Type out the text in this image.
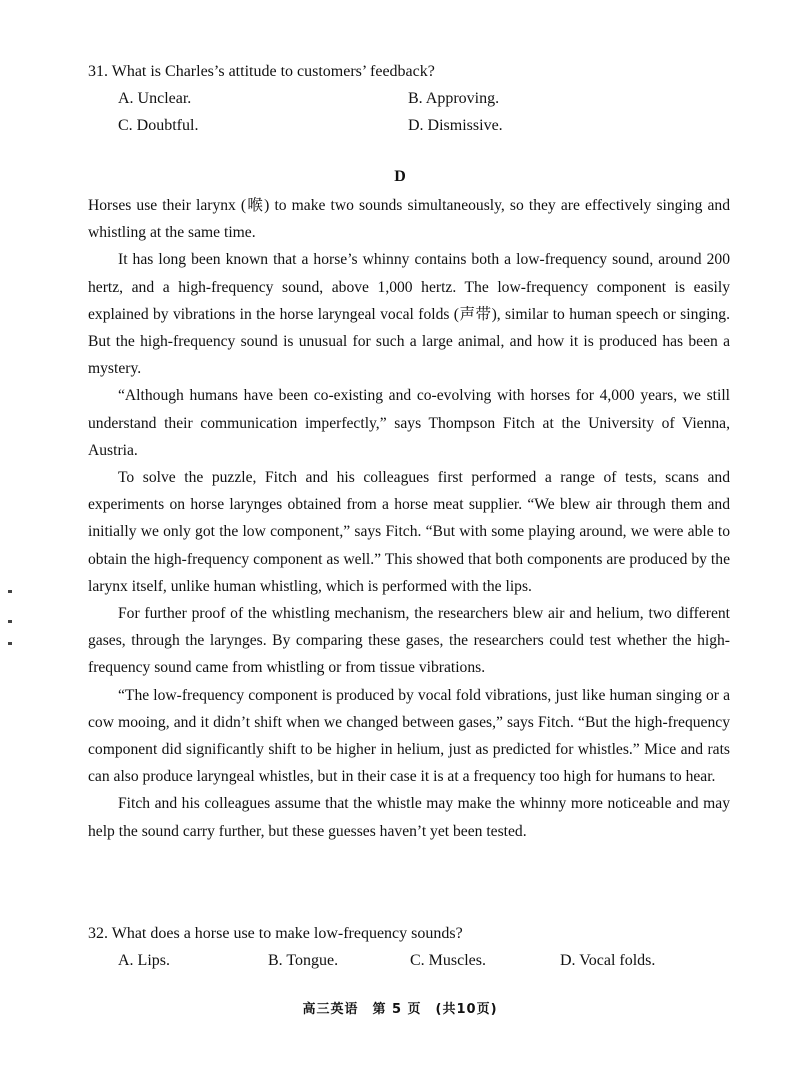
31. What is Charles’s attitude to customers’ feedback?

A. Unclear.	B. Approving.
C. Doubtful.	D. Dismissive.
D

Horses use their larynx (喉) to make two sounds simultaneously, so they are effectively singing and whistling at the same time.

It has long been known that a horse’s whinny contains both a low-frequency sound, around 200 hertz, and a high-frequency sound, above 1,000 hertz. The low-frequency component is easily explained by vibrations in the horse laryngeal vocal folds (声带), similar to human speech or singing. But the high-frequency sound is unusual for such a large animal, and how it is produced has been a mystery.

“Although humans have been co-existing and co-evolving with horses for 4,000 years, we still understand their communication imperfectly,” says Thompson Fitch at the University of Vienna, Austria.

To solve the puzzle, Fitch and his colleagues first performed a range of tests, scans and experiments on horse larynges obtained from a horse meat supplier. “We blew air through them and initially we only got the low component,” says Fitch. “But with some playing around, we were able to obtain the high-frequency component as well.” This showed that both components are produced by the larynx itself, unlike human whistling, which is performed with the lips.

For further proof of the whistling mechanism, the researchers blew air and helium, two different gases, through the larynges. By comparing these gases, the researchers could test whether the high-frequency sound came from whistling or from tissue vibrations.

“The low-frequency component is produced by vocal fold vibrations, just like human singing or a cow mooing, and it didn’t shift when we changed between gases,” says Fitch. “But the high-frequency component did significantly shift to be higher in helium, just as predicted for whistles.” Mice and rats can also produce laryngeal whistles, but in their case it is at a frequency too high for humans to hear.

Fitch and his colleagues assume that the whistle may make the whinny more noticeable and may help the sound carry further, but these guesses haven’t yet been tested.

32. What does a horse use to make low-frequency sounds?

A. Lips.	B. Tongue.	C. Muscles.	D. Vocal folds.
高三英语　第 5 页　(共10页)
